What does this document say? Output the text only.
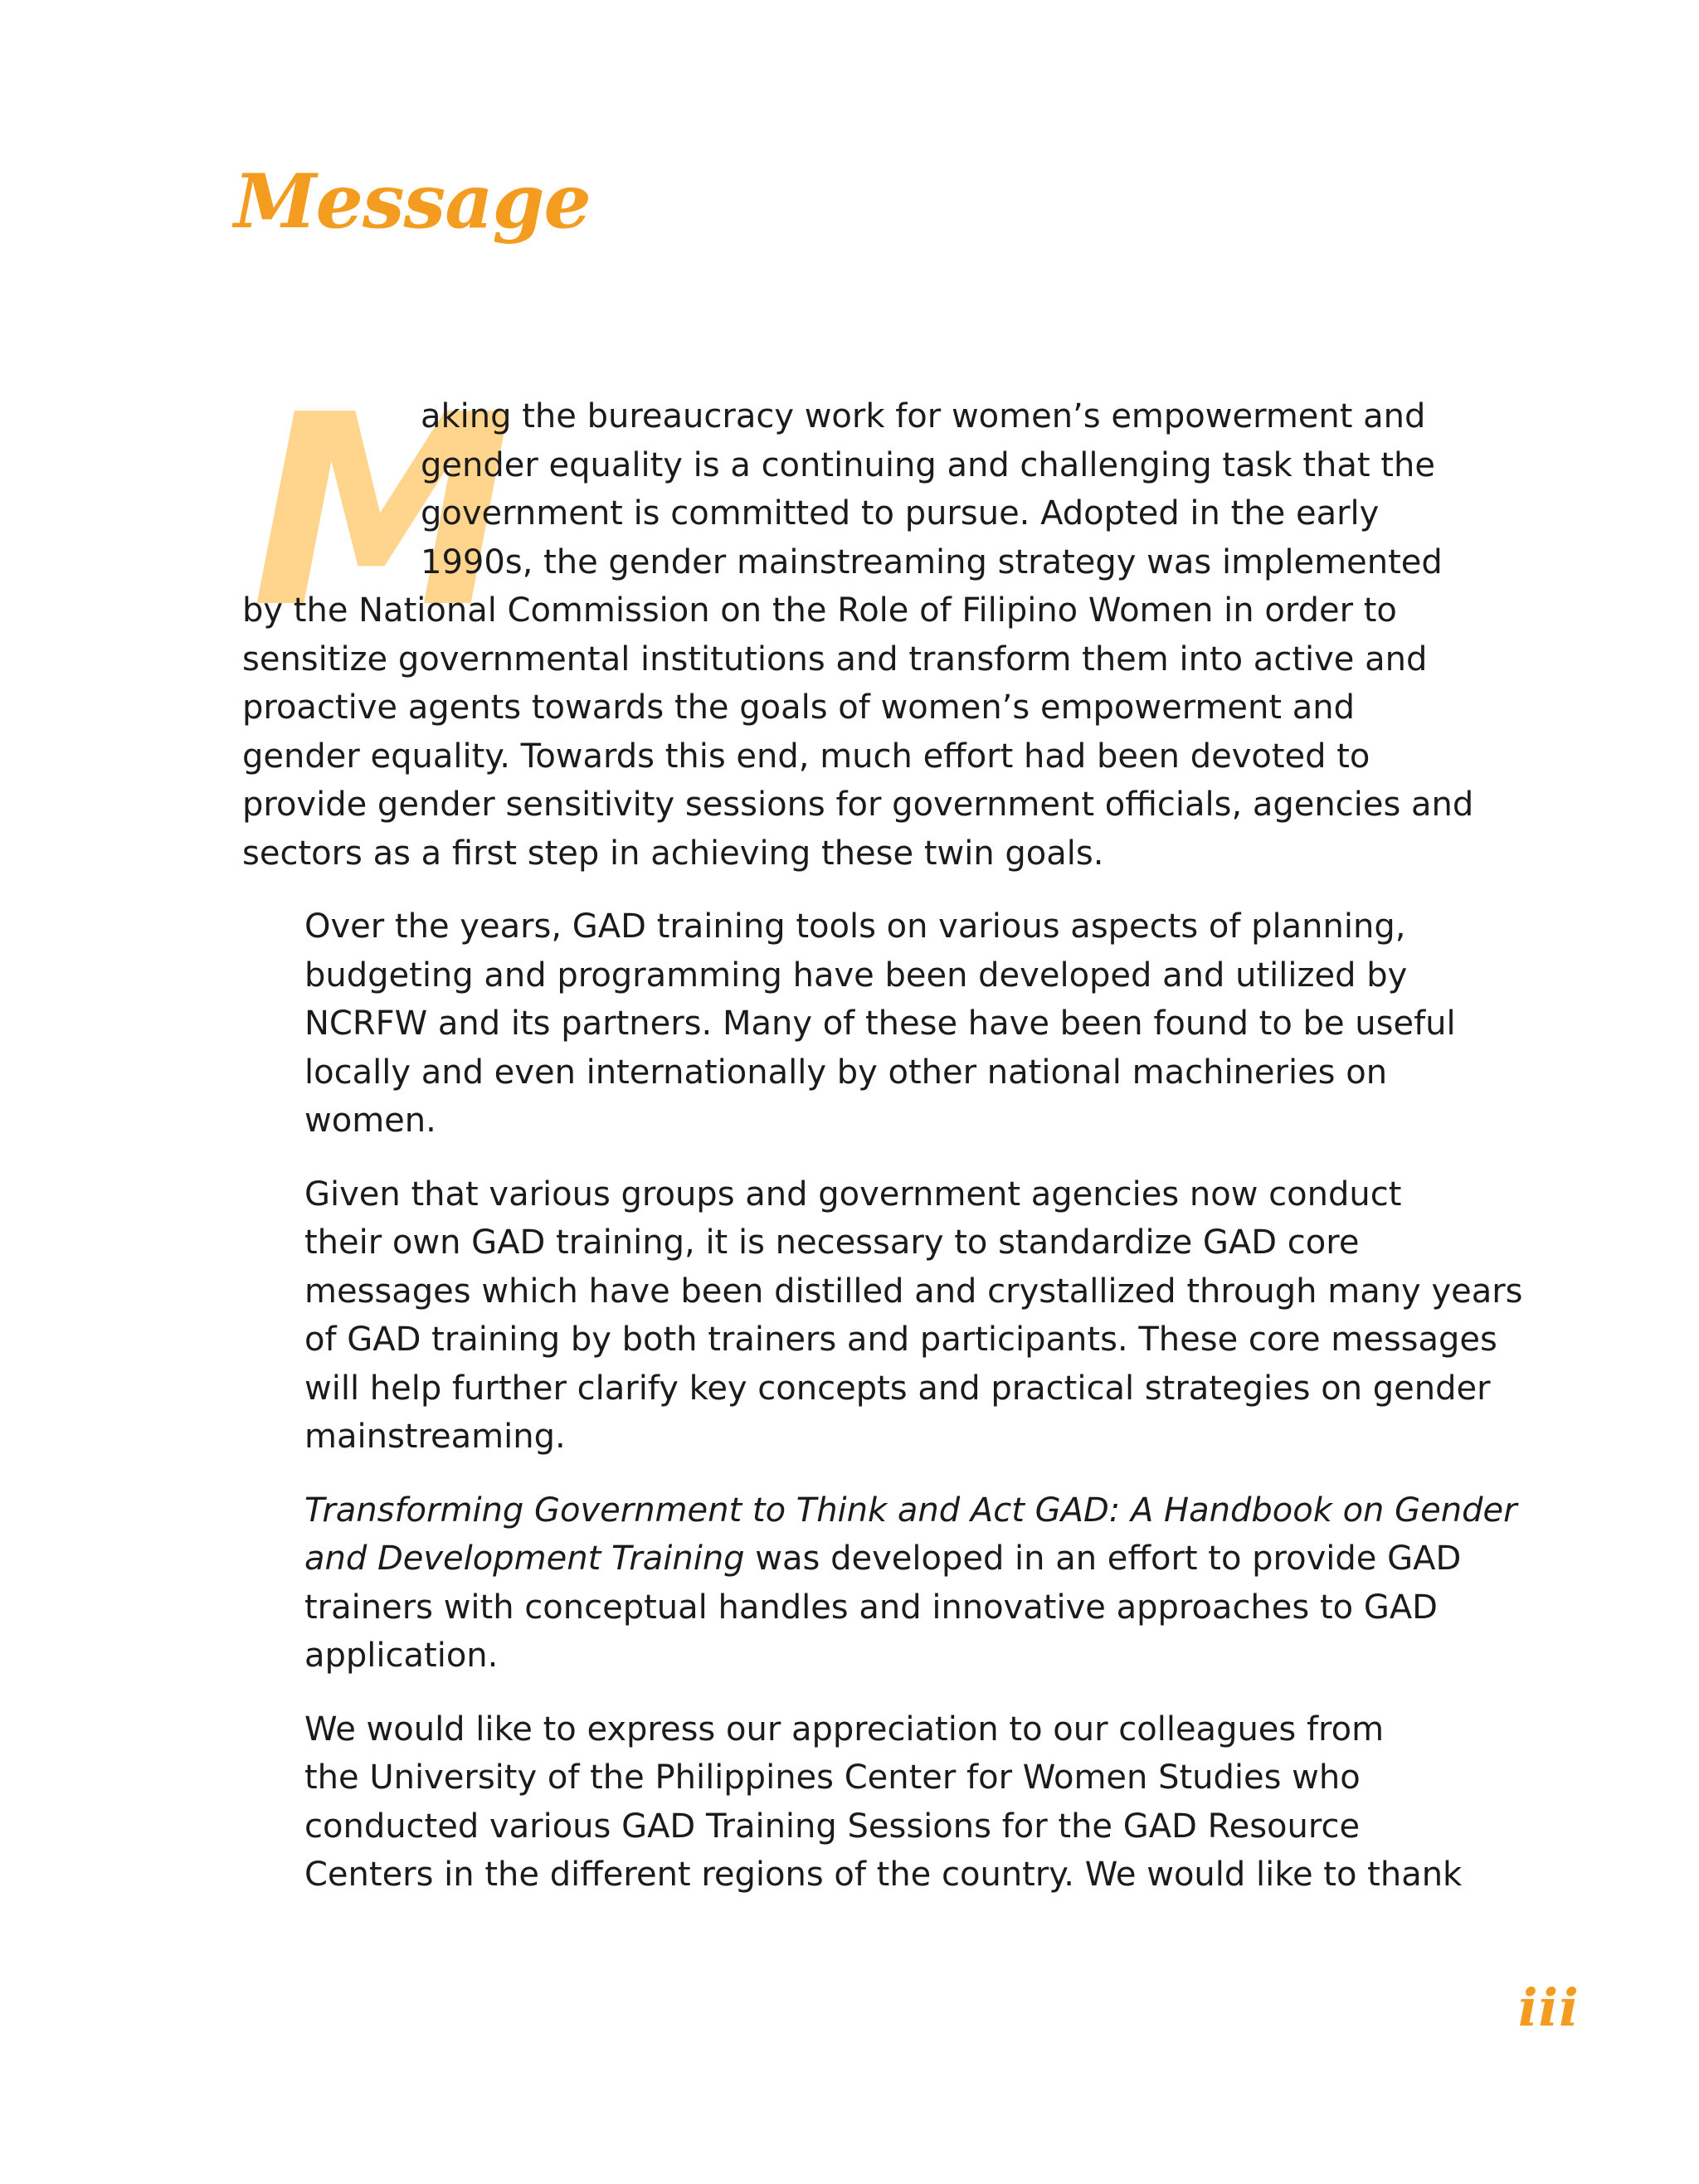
Message
M

aking the bureaucracy work for women’s empowerment and
gender equality is a continuing and challenging task that the
government is committed to pursue. Adopted in the early
1990s, the gender mainstreaming strategy was implemented
by the National Commission on the Role of Filipino Women in order to
sensitize governmental institutions and transform them into active and
proactive agents towards the goals of women’s empowerment and
gender equality. Towards this end, much effort had been devoted to
provide gender sensitivity sessions for government officials, agencies and
sectors as a first step in achieving these twin goals.

Over the years, GAD training tools on various aspects of planning,
budgeting and programming have been developed and utilized by
NCRFW and its partners. Many of these have been found to be useful
locally and even internationally by other national machineries on
women.

Given that various groups and government agencies now conduct
their own GAD training, it is necessary to standardize GAD core
messages which have been distilled and crystallized through many years
of GAD training by both trainers and participants. These core messages
will help further clarify key concepts and practical strategies on gender
mainstreaming.

Transforming Government to Think and Act GAD: A Handbook on Gender
and Development Training was developed in an effort to provide GAD
trainers with conceptual handles and innovative approaches to GAD
application.

We would like to express our appreciation to our colleagues from
the University of the Philippines Center for Women Studies who
conducted various GAD Training Sessions for the GAD Resource
Centers in the different regions of the country. We would like to thank

iii
